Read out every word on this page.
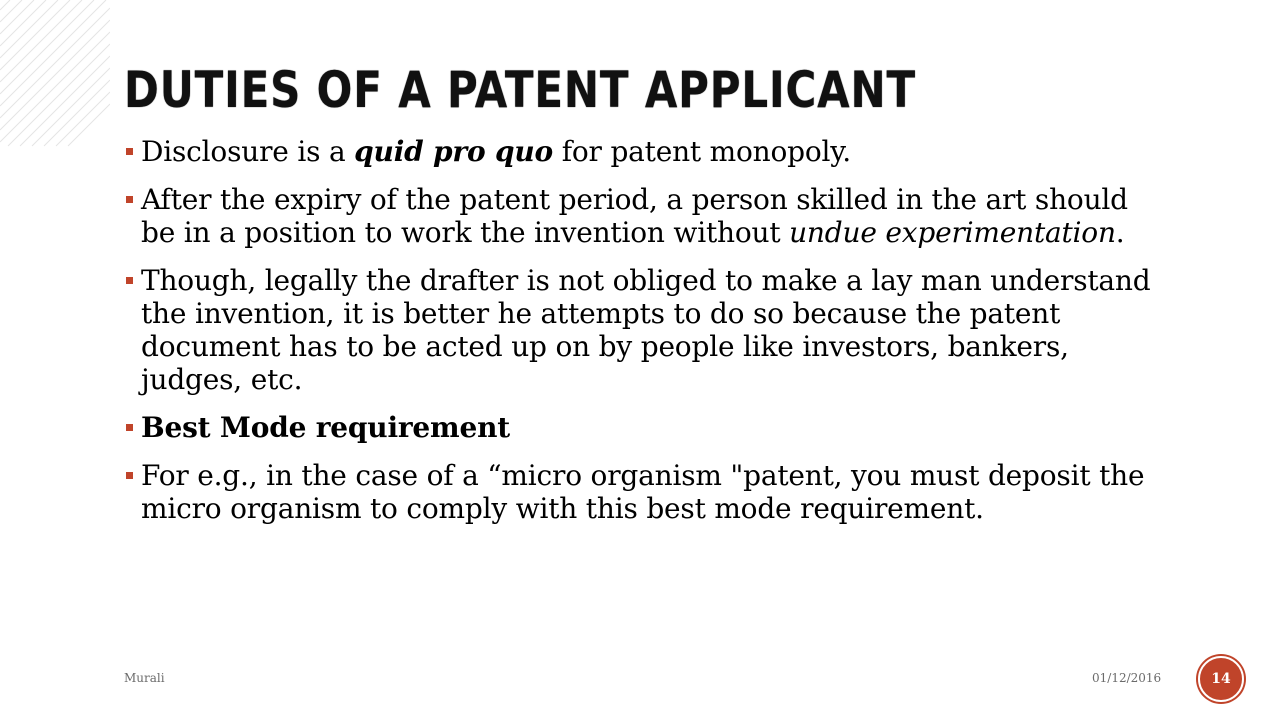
DUTIES OF A PATENT APPLICANT
Disclosure is a quid pro quo for patent monopoly.
After the expiry of the patent period, a person skilled in the art should be in a position to work the invention without undue experimentation.
Though, legally the drafter is not obliged to make a lay man understand the invention, it is better he attempts to do so because the patent document has to be acted up on by people like investors, bankers, judges, etc.
Best Mode requirement
For e.g., in the case of a “micro organism "patent, you must deposit the micro organism to comply with this best mode requirement.
Murali	01/12/2016	14
